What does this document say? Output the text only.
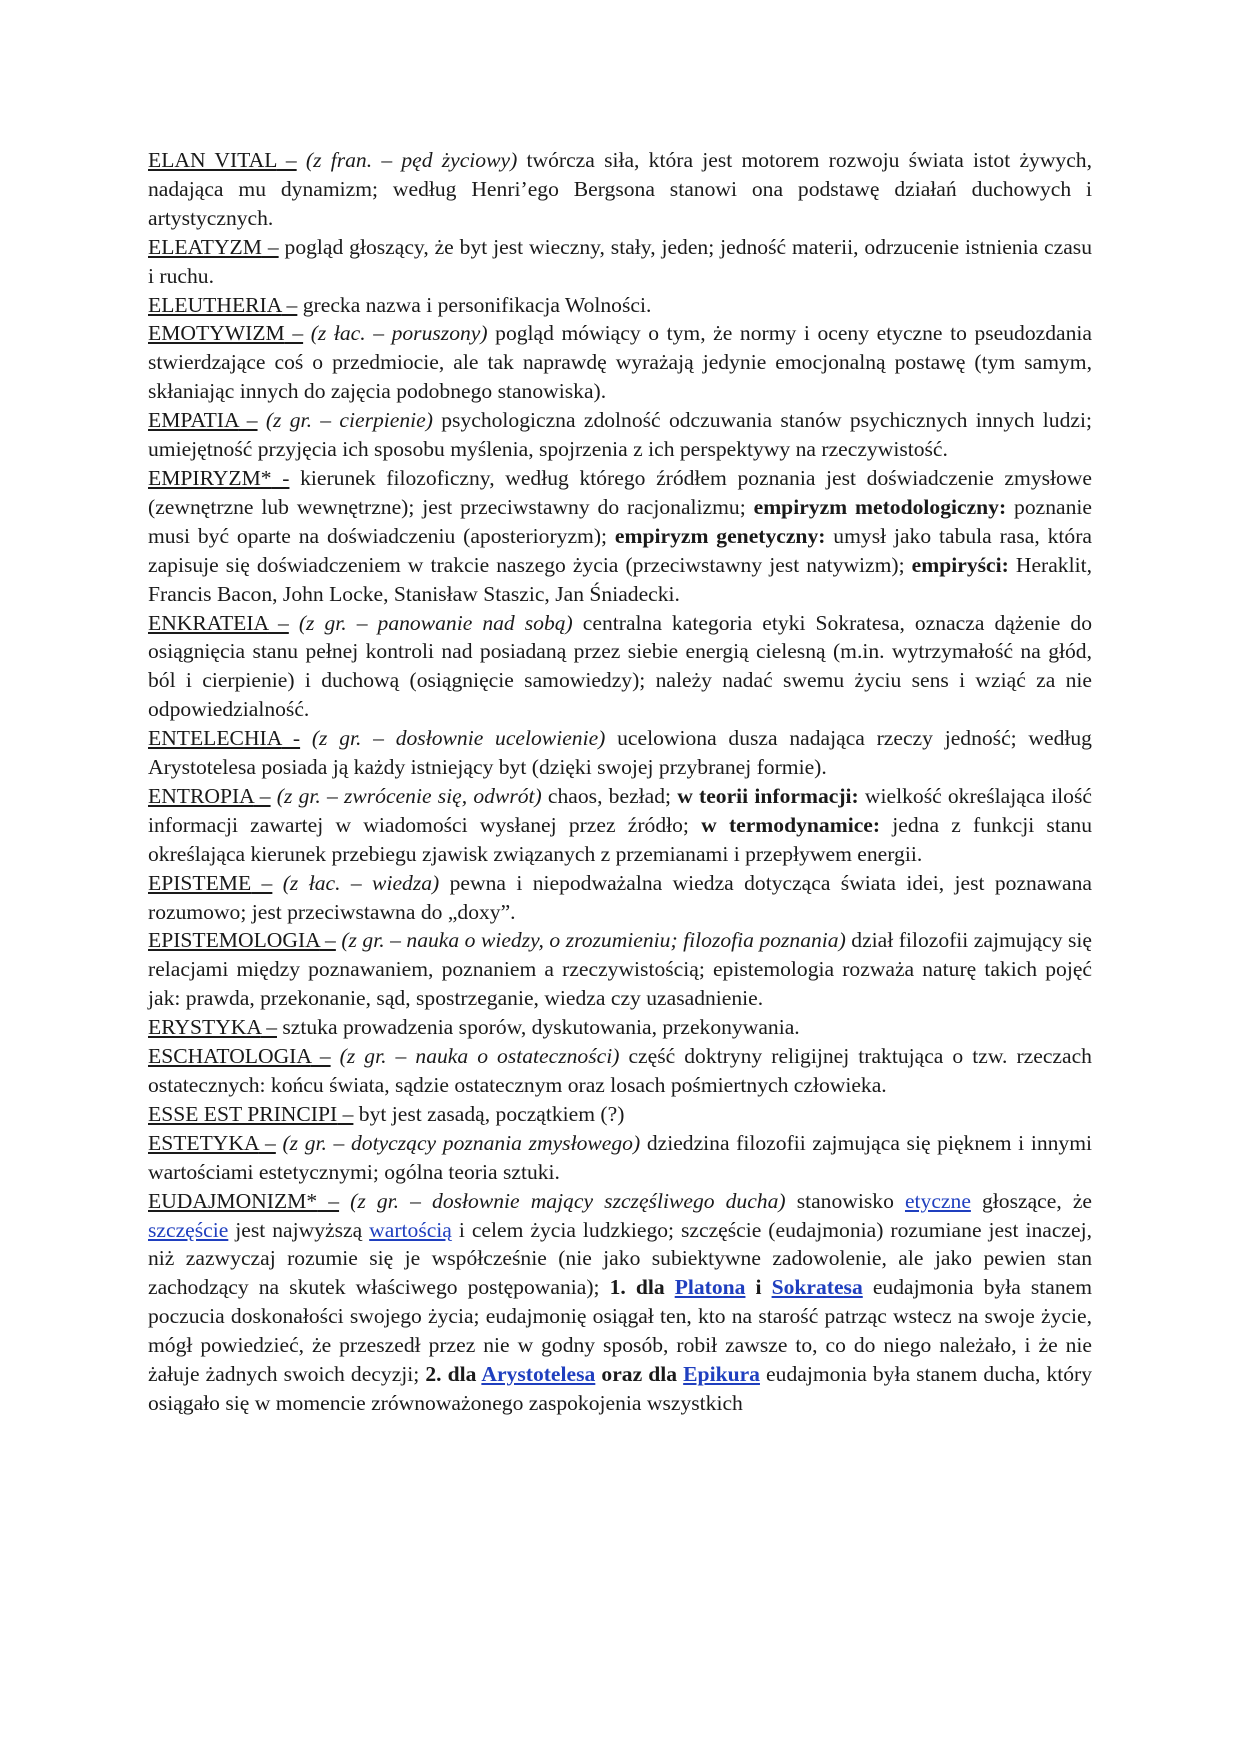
ELAN VITAL – (z fran. – pęd życiowy) twórcza siła, która jest motorem rozwoju świata istot żywych, nadająca mu dynamizm; według Henri’ego Bergsona stanowi ona podstawę działań duchowych i artystycznych.

ELEATYZM – pogląd głoszący, że byt jest wieczny, stały, jeden; jedność materii, odrzucenie istnienia czasu i ruchu.

ELEUTHERIA – grecka nazwa i personifikacja Wolności.

EMOTYWIZM – (z łac. – poruszony) pogląd mówiący o tym, że normy i oceny etyczne to pseudozdania stwierdzające coś o przedmiocie, ale tak naprawdę wyrażają jedynie emocjonalną postawę (tym samym, skłaniając innych do zajęcia podobnego stanowiska).

EMPATIA – (z gr. – cierpienie) psychologiczna zdolność odczuwania stanów psychicznych innych ludzi; umiejętność przyjęcia ich sposobu myślenia, spojrzenia z ich perspektywy na rzeczywistość.

EMPIRYZM* - kierunek filozoficzny, według którego źródłem poznania jest doświadczenie zmysłowe (zewnętrzne lub wewnętrzne); jest przeciwstawny do racjonalizmu; empiryzm metodologiczny: poznanie musi być oparte na doświadczeniu (aposterioryzm); empiryzm genetyczny: umysł jako tabula rasa, która zapisuje się doświadczeniem w trakcie naszego życia (przeciwstawny jest natywizm); empiryści: Heraklit, Francis Bacon, John Locke, Stanisław Staszic, Jan Śniadecki.

ENKRATEIA – (z gr. – panowanie nad sobą) centralna kategoria etyki Sokratesa, oznacza dążenie do osiągnięcia stanu pełnej kontroli nad posiadaną przez siebie energią cielesną (m.in. wytrzymałość na głód, ból i cierpienie) i duchową (osiągnięcie samowiedzy); należy nadać swemu życiu sens i wziąć za nie odpowiedzialność.

ENTELECHIA - (z gr. – dosłownie ucelowienie) ucelowiona dusza nadająca rzeczy jedność; według Arystotelesa posiada ją każdy istniejący byt (dzięki swojej przybranej formie).

ENTROPIA – (z gr. – zwrócenie się, odwrót) chaos, bezład; w teorii informacji: wielkość określająca ilość informacji zawartej w wiadomości wysłanej przez źródło; w termodynamice: jedna z funkcji stanu określająca kierunek przebiegu zjawisk związanych z przemianami i przepływem energii.

EPISTEME – (z łac. – wiedza) pewna i niepodważalna wiedza dotycząca świata idei, jest poznawana rozumowo; jest przeciwstawna do „doxy”.

EPISTEMOLOGIA – (z gr. – nauka o wiedzy, o zrozumieniu; filozofia poznania) dział filozofii zajmujący się relacjami między poznawaniem, poznaniem a rzeczywistością; epistemologia rozważa naturę takich pojęć jak: prawda, przekonanie, sąd, spostrzeganie, wiedza czy uzasadnienie.

ERYSTYKA – sztuka prowadzenia sporów, dyskutowania, przekonywania.

ESCHATOLOGIA – (z gr. – nauka o ostateczności) część doktryny religijnej traktująca o tzw. rzeczach ostatecznych: końcu świata, sądzie ostatecznym oraz losach pośmiertnych człowieka.

ESSE EST PRINCIPI – byt jest zasadą, początkiem (?)

ESTETYKA – (z gr. – dotyczący poznania zmysłowego) dziedzina filozofii zajmująca się pięknem i innymi wartościami estetycznymi; ogólna teoria sztuki.

EUDAJMONIZM* – (z gr. – dosłownie mający szczęśliwego ducha) stanowisko etyczne głoszące, że szczęście jest najwyższą wartością i celem życia ludzkiego; szczęście (eudajmonia) rozumiane jest inaczej, niż zazwyczaj rozumie się je współcześnie (nie jako subiektywne zadowolenie, ale jako pewien stan zachodzący na skutek właściwego postępowania); 1. dla Platona i Sokratesa eudajmonia była stanem poczucia doskonałości swojego życia; eudajmonię osiągał ten, kto na starość patrząc wstecz na swoje życie, mógł powiedzieć, że przeszedł przez nie w godny sposób, robił zawsze to, co do niego należało, i że nie żałuje żadnych swoich decyzji; 2. dla Arystotelesa oraz dla Epikura eudajmonia była stanem ducha, który osiągało się w momencie zrównoważonego zaspokojenia wszystkich
